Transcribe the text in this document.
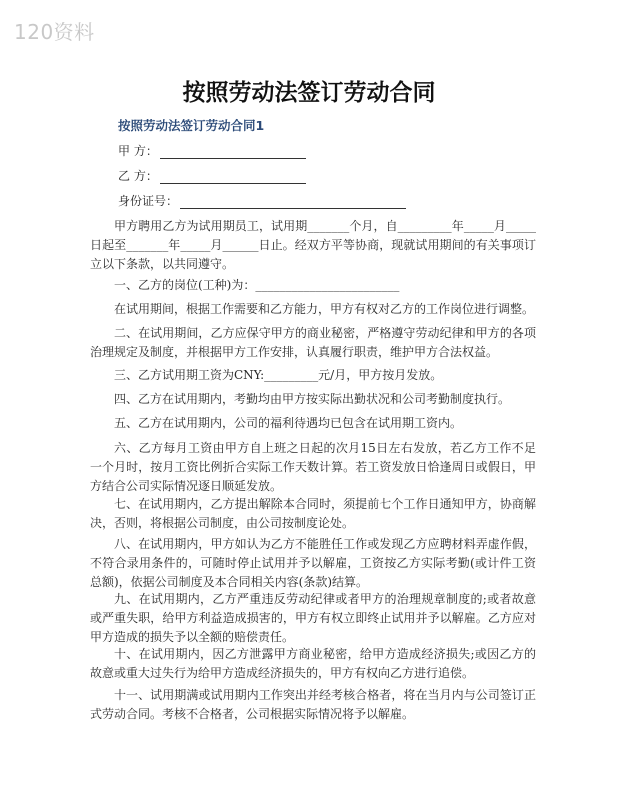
120资料
按照劳动法签订劳动合同
按照劳动法签订劳动合同1
甲 方：
乙 方：
身份证号：

甲方聘用乙方为试用期员工，试用期_______个月，自_________年_____月_____日起至_______年_____月______日止。经双方平等协商，现就试用期间的有关事项订立以下条款，以共同遵守。

一、乙方的岗位(工种)为：________________________

在试用期间，根据工作需要和乙方能力，甲方有权对乙方的工作岗位进行调整。

二、在试用期间，乙方应保守甲方的商业秘密，严格遵守劳动纪律和甲方的各项治理规定及制度，并根据甲方工作安排，认真履行职责，维护甲方合法权益。

三、乙方试用期工资为CNY:_________元/月，甲方按月发放。

四、乙方在试用期内，考勤均由甲方按实际出勤状况和公司考勤制度执行。

五、乙方在试用期内，公司的福利待遇均已包含在试用期工资内。

六、乙方每月工资由甲方自上班之日起的次月15日左右发放，若乙方工作不足一个月时，按月工资比例折合实际工作天数计算。若工资发放日恰逢周日或假日，甲方结合公司实际情况逐日顺延发放。

七、在试用期内，乙方提出解除本合同时，须提前七个工作日通知甲方，协商解决，否则，将根据公司制度，由公司按制度论处。

八、在试用期内，甲方如认为乙方不能胜任工作或发现乙方应聘材料弄虚作假，不符合录用条件的，可随时停止试用并予以解雇，工资按乙方实际考勤(或计件工资总额)，依据公司制度及本合同相关内容(条款)结算。

九、在试用期内，乙方严重违反劳动纪律或者甲方的治理规章制度的;或者故意或严重失职，给甲方利益造成损害的，甲方有权立即终止试用并予以解雇。乙方应对甲方造成的损失予以全额的赔偿责任。

十、在试用期内，因乙方泄露甲方商业秘密，给甲方造成经济损失;或因乙方的故意或重大过失行为给甲方造成经济损失的，甲方有权向乙方进行追偿。

十一、试用期满或试用期内工作突出并经考核合格者，将在当月内与公司签订正式劳动合同。考核不合格者，公司根据实际情况将予以解雇。
